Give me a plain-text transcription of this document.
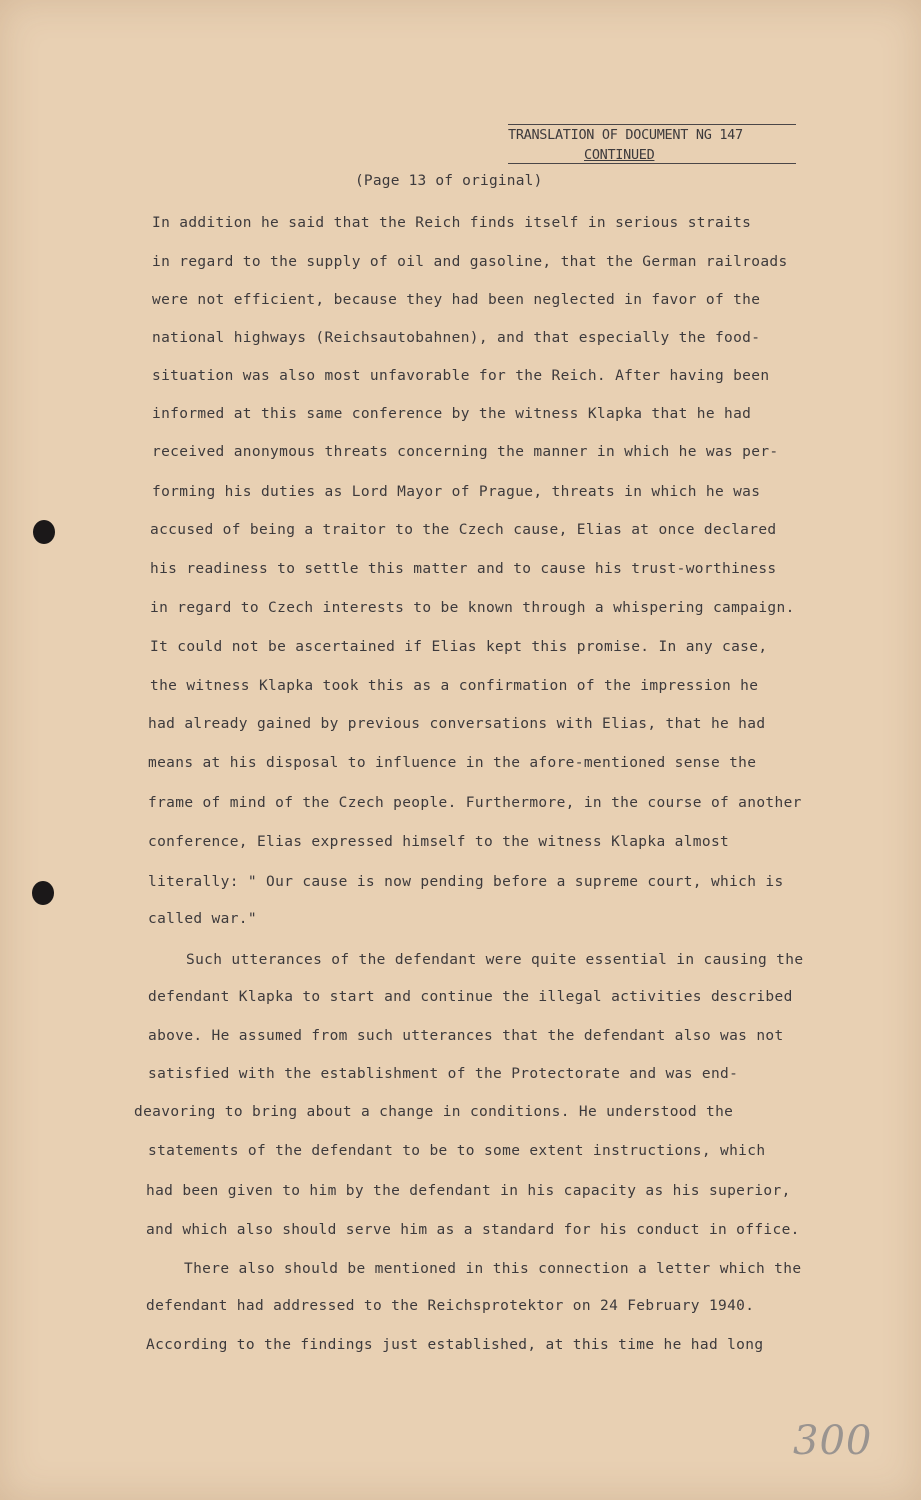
TRANSLATION OF DOCUMENT NG 147
CONTINUED
(Page 13 of original)
In addition he said that the Reich finds itself in serious straits
in regard to the supply of oil and gasoline, that the German railroads
were not efficient, because they had been neglected in favor of the
national highways (Reichsautobahnen), and that especially the food-
situation was also most unfavorable for the Reich. After having been
informed at this same conference by the witness Klapka that he had
received anonymous threats concerning the manner in which he was per-
forming his duties as Lord Mayor of Prague, threats in which he was
accused of being a traitor to the Czech cause, Elias at once declared
his readiness to settle this matter and to cause his trust-worthiness
in regard to Czech interests to be known through a whispering campaign.
It could not be ascertained if Elias kept this promise. In any case,
the witness Klapka took this as a confirmation of the impression he
had already gained by previous conversations with Elias, that he had
means at his disposal to influence in the afore-mentioned sense the
frame of mind of the Czech people. Furthermore, in the course of another
conference, Elias expressed himself to the witness Klapka almost
literally: " Our cause is now pending before a supreme court, which is
called war."
Such utterances of the defendant were quite essential in causing the
defendant Klapka to start and continue the illegal activities described
above. He assumed from such utterances that the defendant also was not
satisfied with the establishment of the Protectorate and was end-
deavoring to bring about a change in conditions. He understood the
statements of the defendant to be to some extent instructions, which
had been given to him by the defendant in his capacity as his superior,
and which also should serve him as a standard for his conduct in office.
There also should be mentioned in this connection a letter which the
defendant had addressed to the Reichsprotektor on 24 February 1940.
According to the findings just established, at this time he had long
300
